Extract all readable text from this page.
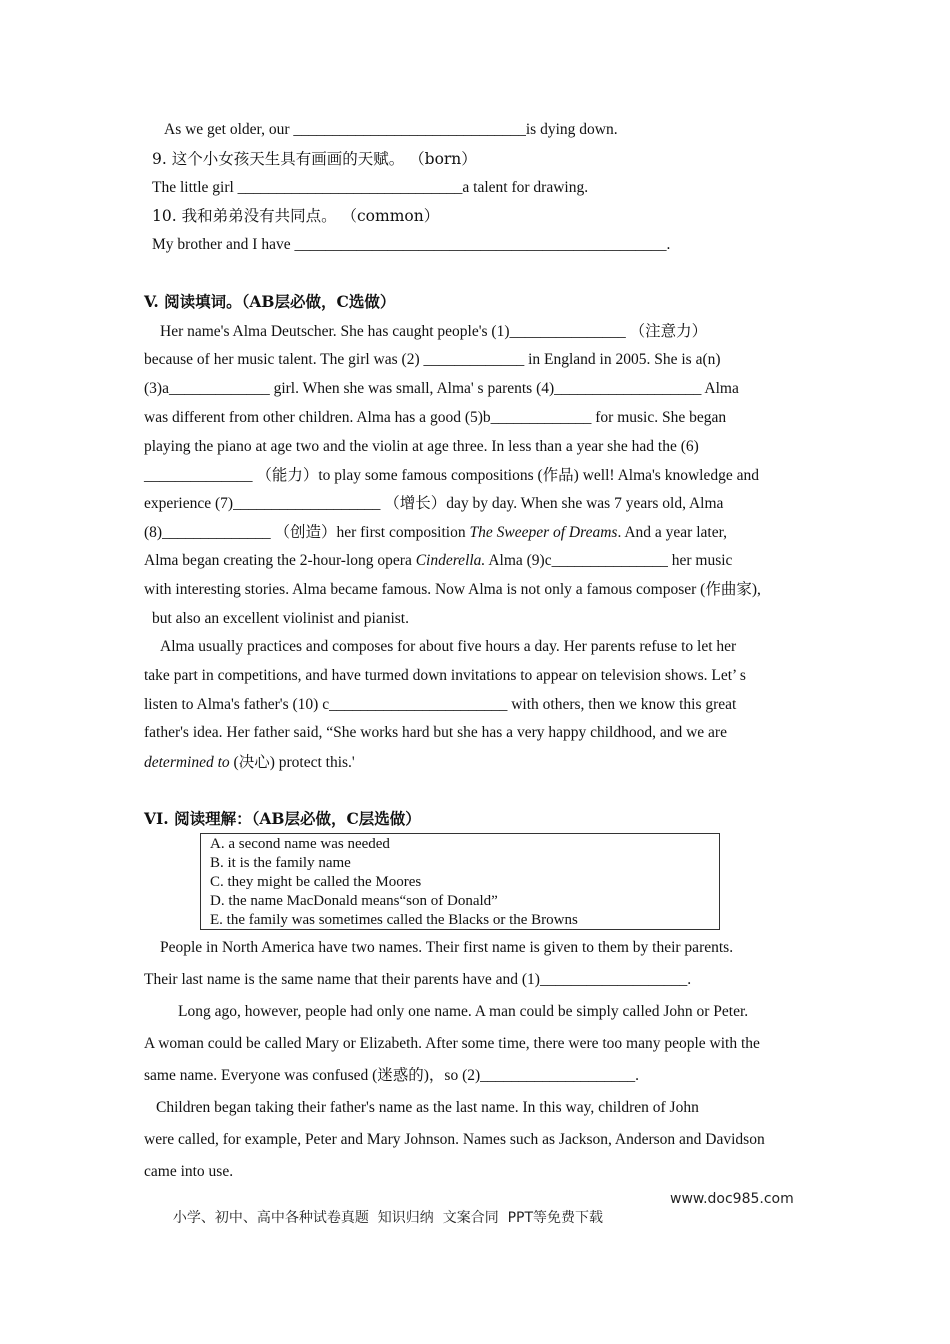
As we get older, our ______________________________is dying down.
9. 这个小女孩天生具有画画的天赋。 （born）
The little girl _____________________________a talent for drawing.
10. 我和弟弟没有共同点。 （common）
My brother and I have ________________________________________________.
V. 阅读填词。（AB层必做，C选做）
Her name's Alma Deutscher. She has caught people's (1)_______________ （注意力）
because of her music talent. The girl was (2) _____________ in England in 2005. She is a(n)
(3)a_____________ girl. When she was small, Alma' s parents (4)___________________ Alma
was different from other children. Alma has a good (5)b_____________ for music. She began
playing the piano at age two and the violin at age three. In less than a year she had the (6)
______________ （能力）to play some famous compositions (作品) well! Alma's knowledge and
experience (7)___________________ （增长）day by day. When she was 7 years old, Alma
(8)______________ （创造）her first composition The Sweeper of Dreams. And a year later,
Alma began creating the 2-hour-long opera Cinderella. Alma (9)c_______________ her music
with interesting stories. Alma became famous. Now Alma is not only a famous composer (作曲家),
but also an excellent violinist and pianist.
Alma usually practices and composes for about five hours a day. Her parents refuse to let her
take part in competitions, and have turmed down invitations to appear on television shows. Let’ s
listen to Alma's father's (10) c_______________________ with others, then we know this great
father's idea. Her father said, “She works hard but she has a very happy childhood, and we are
determined to (决心) protect this.'
VI. 阅读理解：（AB层必做，C层选做）
A. a second name was needed
B. it is the family name
C. they might be called the Moores
D. the name MacDonald means“son of Donald”
E. the family was sometimes called the Blacks or the Browns
People in North America have two names. Their first name is given to them by their parents.
Their last name is the same name that their parents have and (1)___________________.
Long ago, however, people had only one name. A man could be simply called John or Peter.
A woman could be called Mary or Elizabeth. After some time, there were too many people with the
same name. Everyone was confused (迷惑的)，so (2)____________________.
Children began taking their father's name as the last name. In this way, children of John
were called, for example, Peter and Mary Johnson. Names such as Jackson, Anderson and Davidson
came into use.

小学、初中、高中各种试卷真题  知识归纳  文案合同  PPT等免费下载

www.doc985.com
